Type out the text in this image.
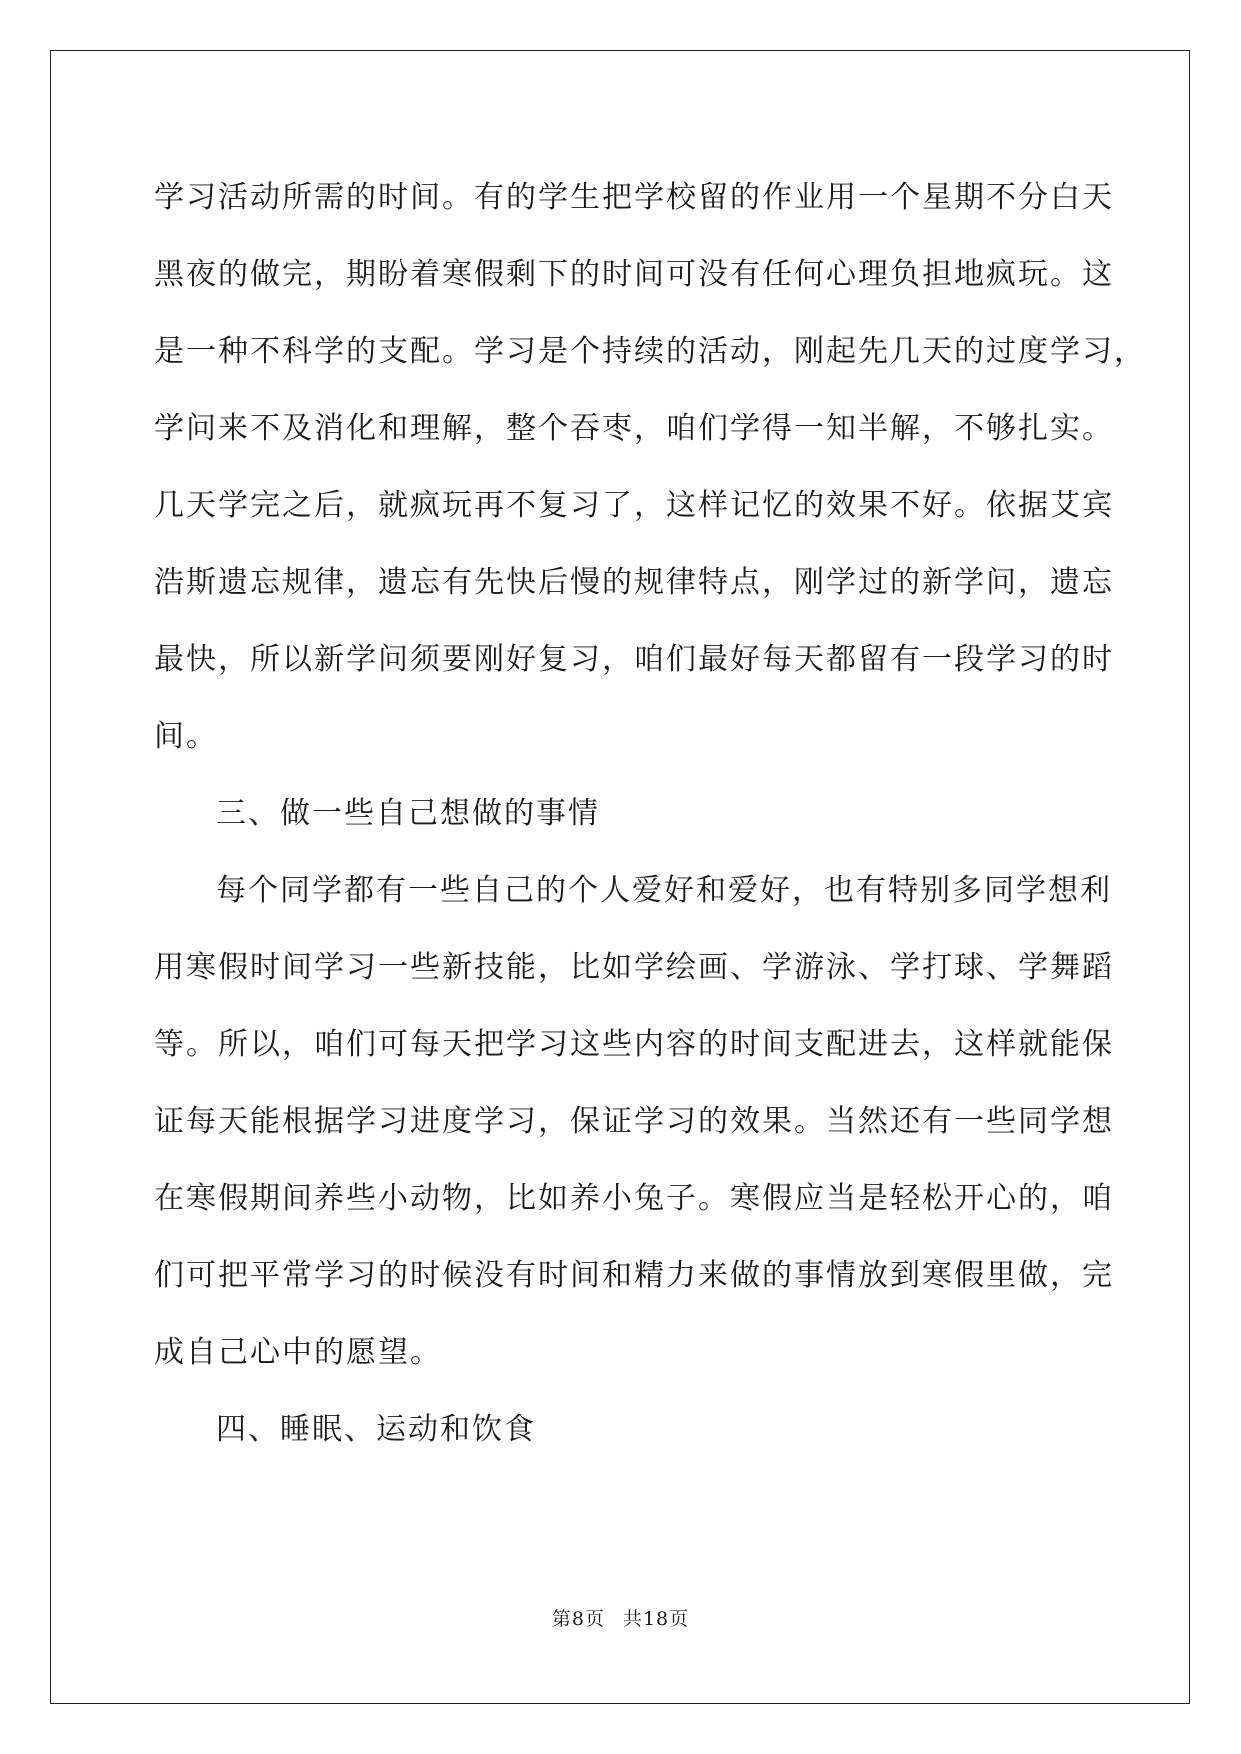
学习活动所需的时间。有的学生把学校留的作业用一个星期不分白天
黑夜的做完，期盼着寒假剩下的时间可没有任何心理负担地疯玩。这
是一种不科学的支配。学习是个持续的活动，刚起先几天的过度学习，
学问来不及消化和理解，整个吞枣，咱们学得一知半解，不够扎实。
几天学完之后，就疯玩再不复习了，这样记忆的效果不好。依据艾宾
浩斯遗忘规律，遗忘有先快后慢的规律特点，刚学过的新学问，遗忘
最快，所以新学问须要刚好复习，咱们最好每天都留有一段学习的时
间。

三、做一些自己想做的事情

每个同学都有一些自己的个人爱好和爱好，也有特别多同学想利
用寒假时间学习一些新技能，比如学绘画、学游泳、学打球、学舞蹈
等。所以，咱们可每天把学习这些内容的时间支配进去，这样就能保
证每天能根据学习进度学习，保证学习的效果。当然还有一些同学想
在寒假期间养些小动物，比如养小兔子。寒假应当是轻松开心的，咱
们可把平常学习的时候没有时间和精力来做的事情放到寒假里做，完
成自己心中的愿望。

四、睡眠、运动和饮食

第8页 共18页
